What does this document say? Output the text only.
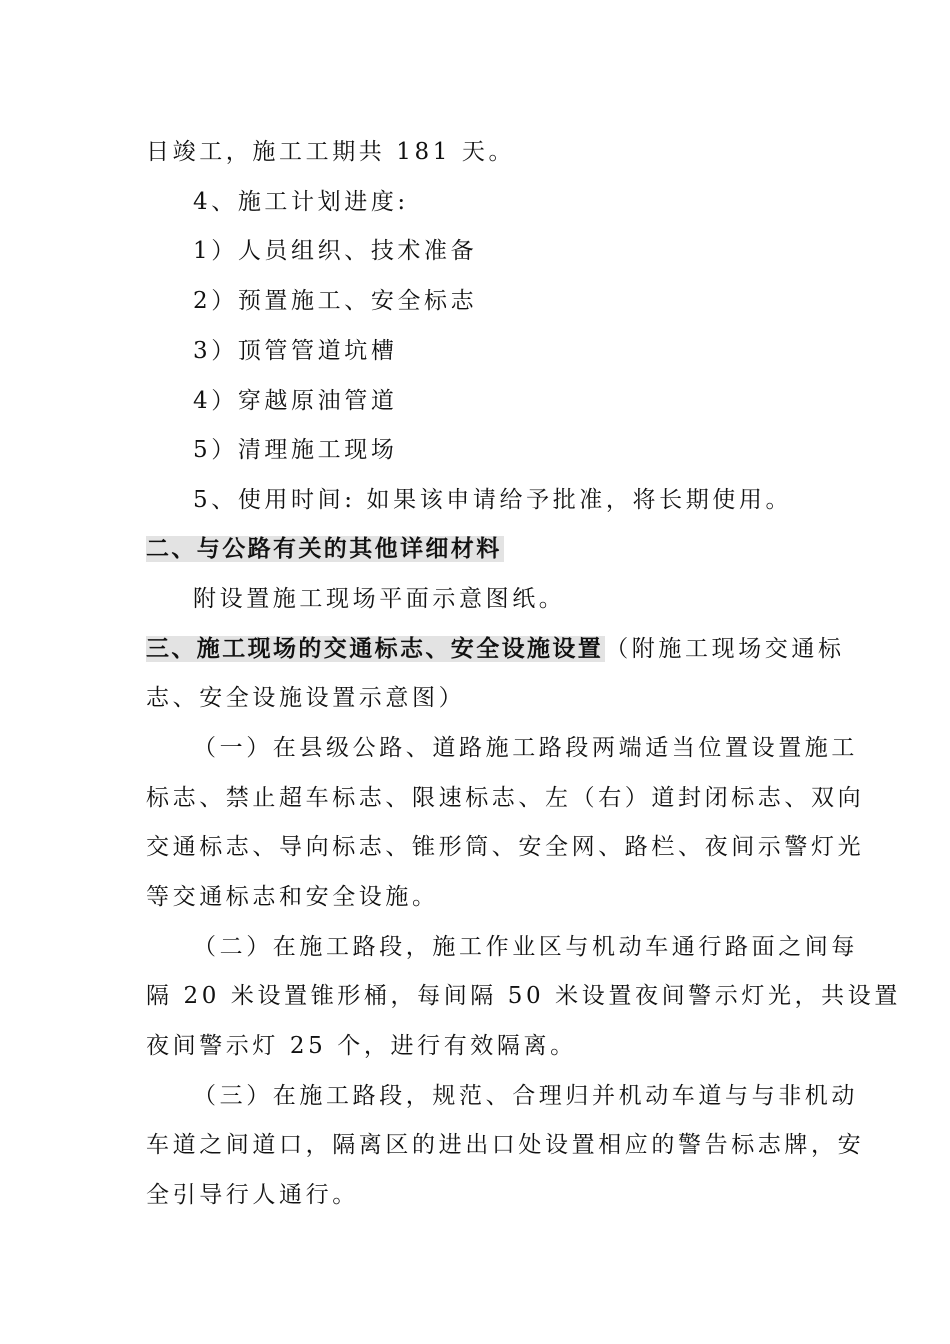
日竣工，施工工期共 181 天。
4、施工计划进度:
1）人员组织、技术准备
2）预置施工、安全标志
3）顶管管道坑槽
4）穿越原油管道
5）清理施工现场
5、使用时间: 如果该申请给予批准，将长期使用。
二、与公路有关的其他详细材料
附设置施工现场平面示意图纸。
三、施工现场的交通标志、安全设施设置（附施工现场交通标
志、安全设施设置示意图）
（一）在县级公路、道路施工路段两端适当位置设置施工
标志、禁止超车标志、限速标志、左（右）道封闭标志、双向
交通标志、导向标志、锥形筒、安全网、路栏、夜间示警灯光
等交通标志和安全设施。
（二）在施工路段，施工作业区与机动车通行路面之间每
隔 20 米设置锥形桶，每间隔 50 米设置夜间警示灯光，共设置
夜间警示灯 25 个，进行有效隔离。
（三）在施工路段，规范、合理归并机动车道与与非机动
车道之间道口，隔离区的进出口处设置相应的警告标志牌，安
全引导行人通行。
